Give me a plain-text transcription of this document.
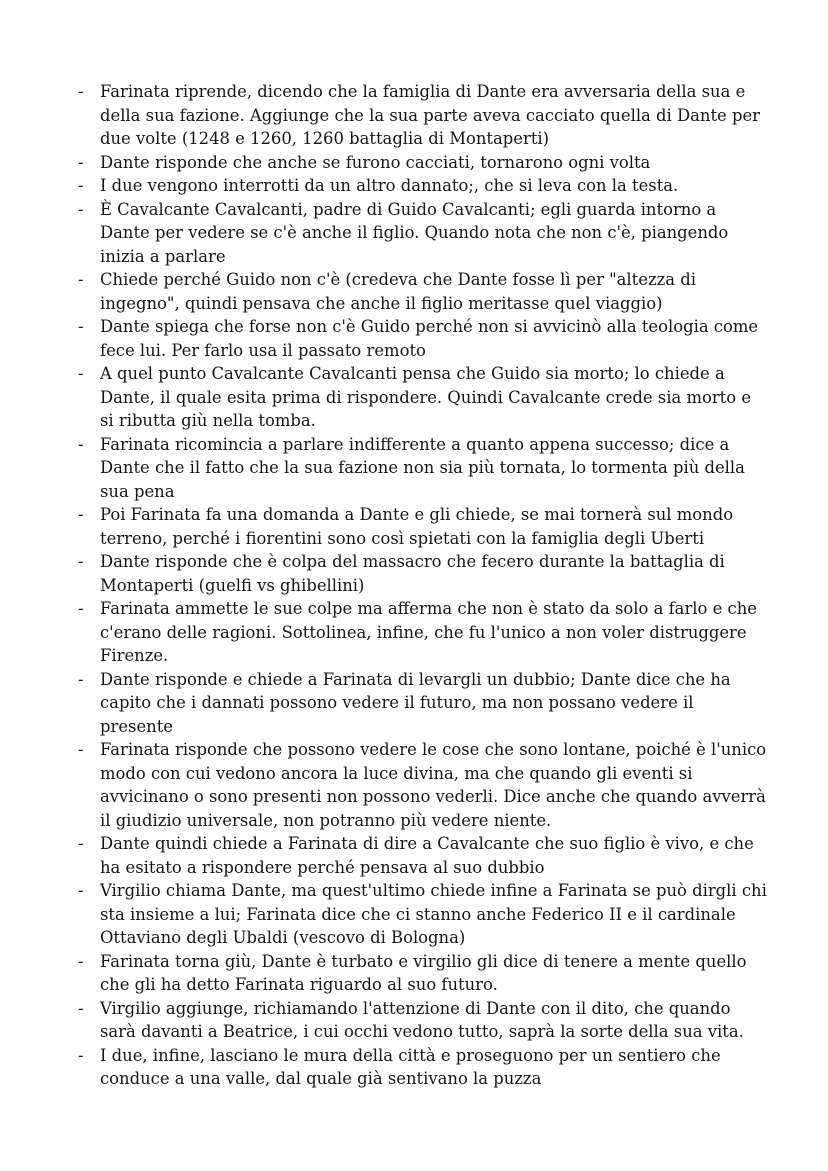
- Farinata riprende, dicendo che la famiglia di Dante era avversaria della sua e della sua fazione. Aggiunge che la sua parte aveva cacciato quella di Dante per due volte (1248 e 1260, 1260 battaglia di Montaperti)
- Dante risponde che anche se furono cacciati, tornarono ogni volta
- I due vengono interrotti da un altro dannato;, che si leva con la testa.
- È Cavalcante Cavalcanti, padre di Guido Cavalcanti; egli guarda intorno a Dante per vedere se c'è anche il figlio. Quando nota che non c'è, piangendo inizia a parlare
- Chiede perché Guido non c'è (credeva che Dante fosse lì per "altezza di ingegno", quindi pensava che anche il figlio meritasse quel viaggio)
- Dante spiega che forse non c'è Guido perché non si avvicinò alla teologia come fece lui. Per farlo usa il passato remoto
- A quel punto Cavalcante Cavalcanti pensa che Guido sia morto; lo chiede a Dante, il quale esita prima di rispondere. Quindi Cavalcante crede sia morto e si ributta giù nella tomba.
- Farinata ricomincia a parlare indifferente a quanto appena successo; dice a Dante che il fatto che la sua fazione non sia più tornata, lo tormenta più della sua pena
- Poi Farinata fa una domanda a Dante e gli chiede, se mai tornerà sul mondo terreno, perché i fiorentini sono così spietati con la famiglia degli Uberti
- Dante risponde che è colpa del massacro che fecero durante la battaglia di Montaperti (guelfi vs ghibellini)
- Farinata ammette le sue colpe ma afferma che non è stato da solo a farlo e che c'erano delle ragioni. Sottolinea, infine, che fu l'unico a non voler distruggere Firenze.
- Dante risponde e chiede a Farinata di levargli un dubbio; Dante dice che ha capito che i dannati possono vedere il futuro, ma non possano vedere il presente
- Farinata risponde che possono vedere le cose che sono lontane, poiché è l'unico modo con cui vedono ancora la luce divina, ma che quando gli eventi si avvicinano o sono presenti non possono vederli. Dice anche che quando avverrà il giudizio universale, non potranno più vedere niente.
- Dante quindi chiede a Farinata di dire a Cavalcante che suo figlio è vivo, e che ha esitato a rispondere perché pensava al suo dubbio
- Virgilio chiama Dante, ma quest'ultimo chiede infine a Farinata se può dirgli chi sta insieme a lui; Farinata dice che ci stanno anche Federico II e il cardinale Ottaviano degli Ubaldi (vescovo di Bologna)
- Farinata torna giù, Dante è turbato e virgilio gli dice di tenere a mente quello che gli ha detto Farinata riguardo al suo futuro.
- Virgilio aggiunge, richiamando l'attenzione di Dante con il dito, che quando sarà davanti a Beatrice, i cui occhi vedono tutto, saprà la sorte della sua vita.
- I due, infine, lasciano le mura della città e proseguono per un sentiero che conduce a una valle, dal quale già sentivano la puzza
